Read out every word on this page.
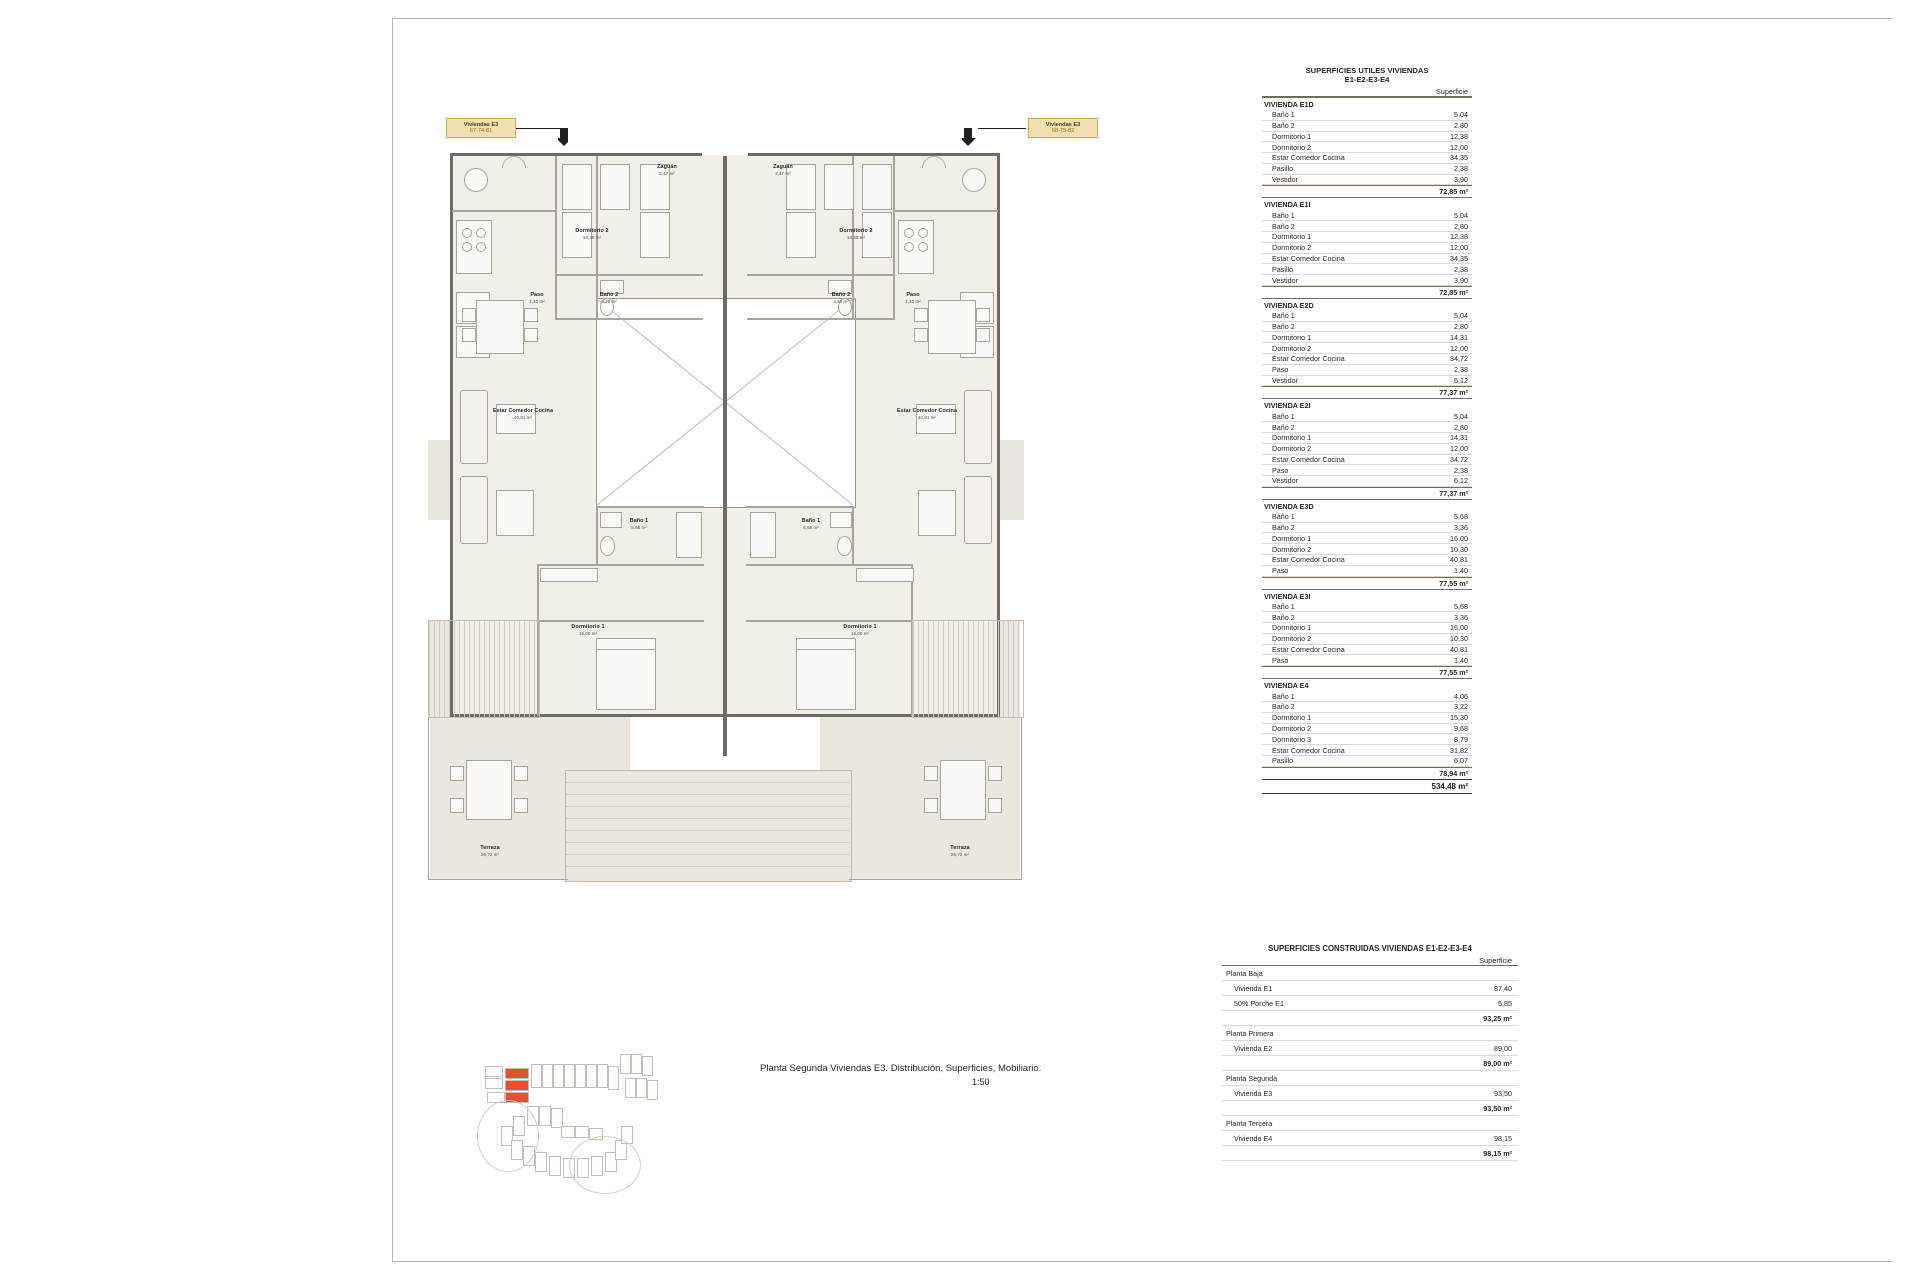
Zaguán
2,47 m²
Zaguán
2,47 m²
Dormitorio 2
10,30 m²
Dormitorio 2
10,30 m²
Paso
1,40 m²
Paso
1,40 m²
Baño 2
3,36 m²
Baño 2
3,36 m²
Estar Comedor Cocina
40,81 m²
Estar Comedor Cocina
40,81 m²
Baño 1
5,68 m²
Baño 1
5,68 m²
Dormitorio 1
16,00 m²
Dormitorio 1
16,00 m²
Terraza
26,72 m²
Terraza
26,72 m²
Viviendas E3
67-74-81
Viviendas E3
68-75-82
Planta Segunda Viviendas E3. Distribución, Superficies, Mobiliario.
1:50
SUPERFICIES UTILES VIVIENDAS
E1-E2-E3-E4
Superficie
VIVIENDA E1D
Baño 1	5,04
Baño 2	2,80
Dormitorio 1	12,38
Dormitorio 2	12,00
Estar Comedor Cocina	34,35
Pasillo	2,38
Vestidor	3,90
72,85 m²
VIVIENDA E1I
Baño 1	5,04
Baño 2	2,80
Dormitorio 1	12,38
Dormitorio 2	12,00
Estar Comedor Cocina	34,35
Pasillo	2,38
Vestidor	3,90
72,85 m²
VIVIENDA E2D
Baño 1	5,04
Baño 2	2,80
Dormitorio 1	14,31
Dormitorio 2	12,00
Estar Comedor Cocina	34,72
Paso	2,38
Vestidor	6,12
77,37 m²
VIVIENDA E2I
Baño 1	5,04
Baño 2	2,80
Dormitorio 1	14,31
Dormitorio 2	12,00
Estar Comedor Cocina	34,72
Paso	2,38
Vestidor	6,12
77,37 m²
VIVIENDA E3D
Baño 1	5,68
Baño 2	3,36
Dormitorio 1	16,00
Dormitorio 2	10,30
Estar Comedor Cocina	40,81
Paso	1,40
77,55 m²
VIVIENDA E3I
Baño 1	5,68
Baño 2	3,36
Dormitorio 1	16,00
Dormitorio 2	10,30
Estar Comedor Cocina	40,81
Paso	1,40
77,55 m²
VIVIENDA E4
Baño 1	4,06
Baño 2	3,22
Dormitorio 1	15,30
Dormitorio 2	9,68
Dormitorio 3	8,79
Estar Comedor Cocina	31,82
Pasillo	6,07
78,94 m²
534,48 m²
SUPERFICIES CONSTRUIDAS VIVIENDAS E1-E2-E3-E4
Superficie
Planta Baja
Vivienda E1	87,40
50% Porche E1	5,85
93,25 m²
Planta Primera
Vivienda E2	89,00
89,00 m²
Planta Segunda
Vivienda E3	93,50
93,50 m²
Planta Tercera
Vivienda E4	98,15
98,15 m²
